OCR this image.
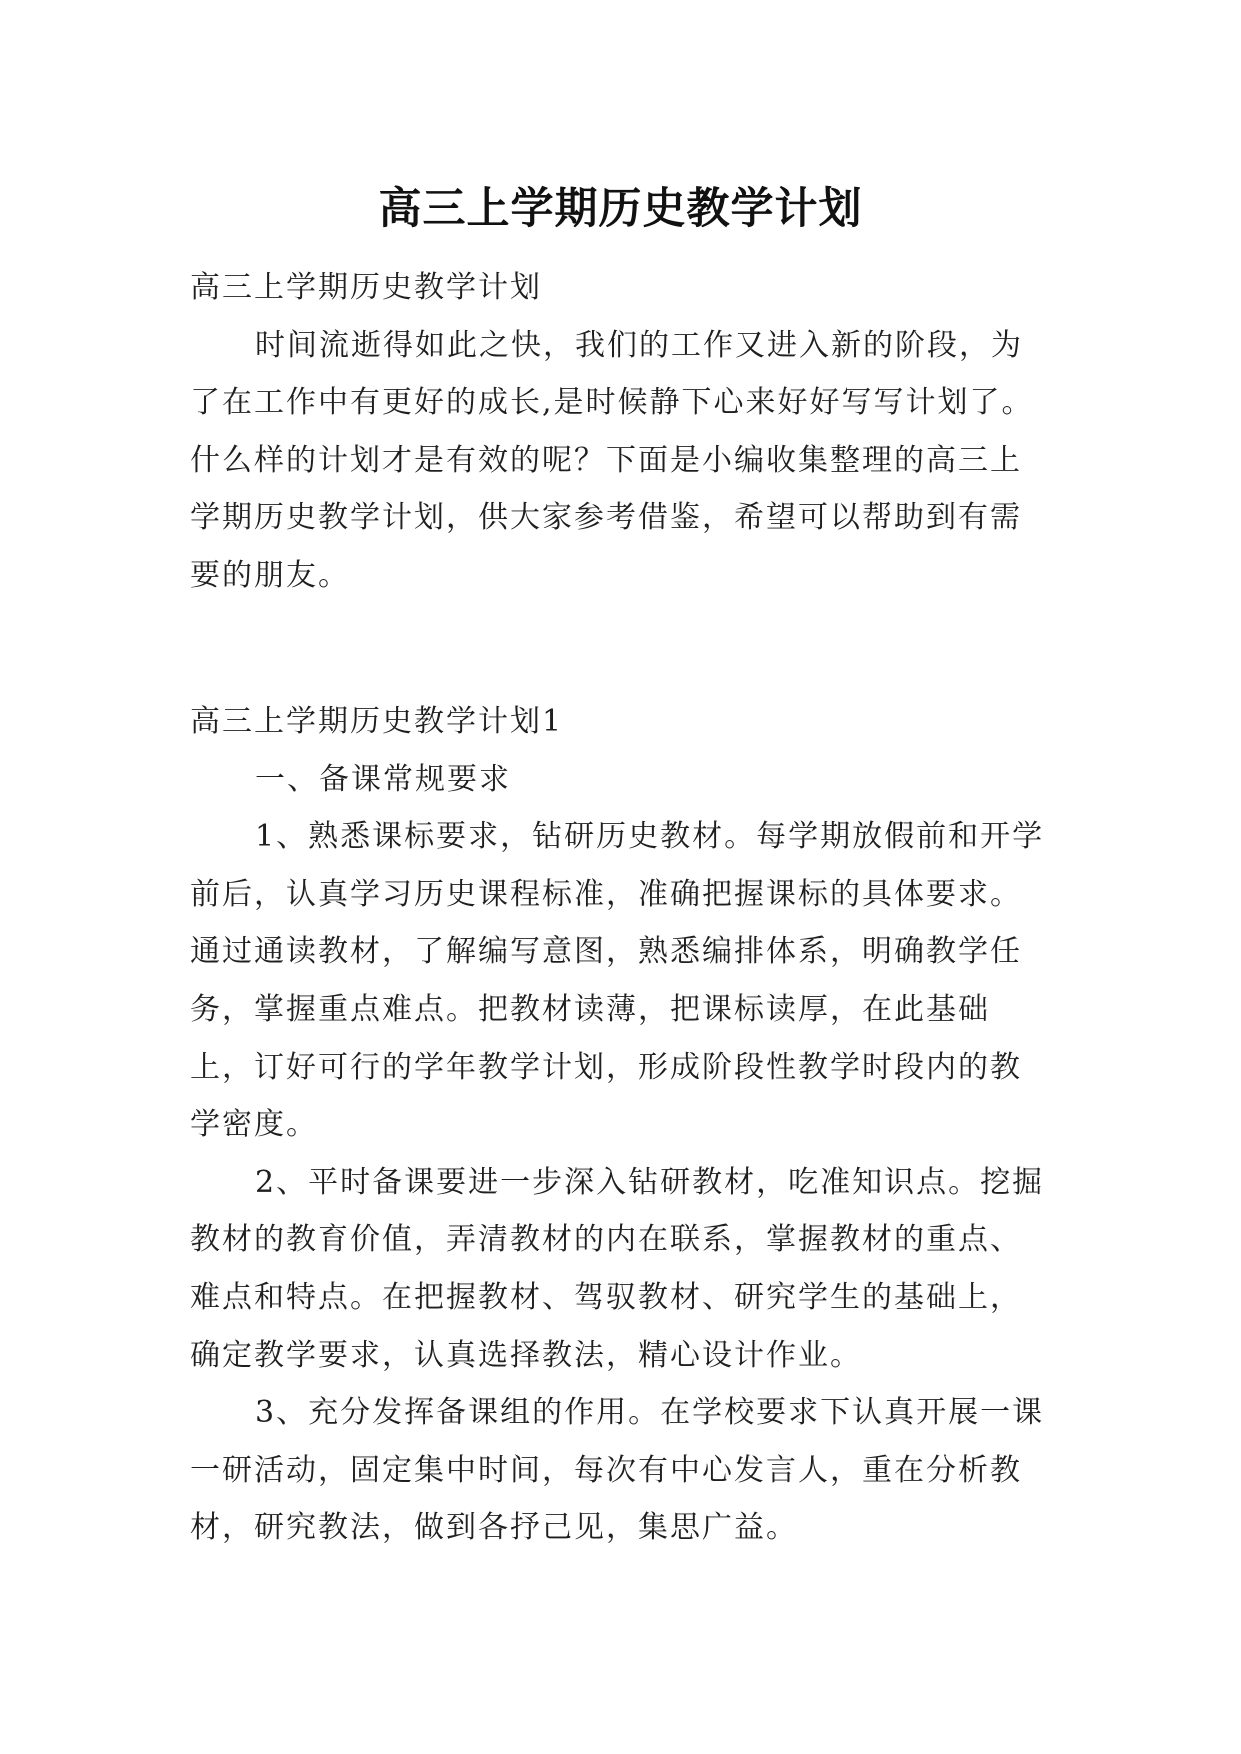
高三上学期历史教学计划

高三上学期历史教学计划

时间流逝得如此之快，我们的工作又进入新的阶段，为了在工作中有更好的成长,是时候静下心来好好写写计划了。什么样的计划才是有效的呢？下面是小编收集整理的高三上学期历史教学计划，供大家参考借鉴，希望可以帮助到有需要的朋友。

高三上学期历史教学计划1

一、备课常规要求

1、熟悉课标要求，钻研历史教材。每学期放假前和开学前后，认真学习历史课程标准，准确把握课标的具体要求。通过通读教材，了解编写意图，熟悉编排体系，明确教学任务，掌握重点难点。把教材读薄，把课标读厚，在此基础上，订好可行的学年教学计划，形成阶段性教学时段内的教学密度。

2、平时备课要进一步深入钻研教材，吃准知识点。挖掘教材的教育价值，弄清教材的内在联系，掌握教材的重点、难点和特点。在把握教材、驾驭教材、研究学生的基础上，确定教学要求，认真选择教法，精心设计作业。

3、充分发挥备课组的作用。在学校要求下认真开展一课一研活动，固定集中时间，每次有中心发言人，重在分析教材，研究教法，做到各抒己见，集思广益。
